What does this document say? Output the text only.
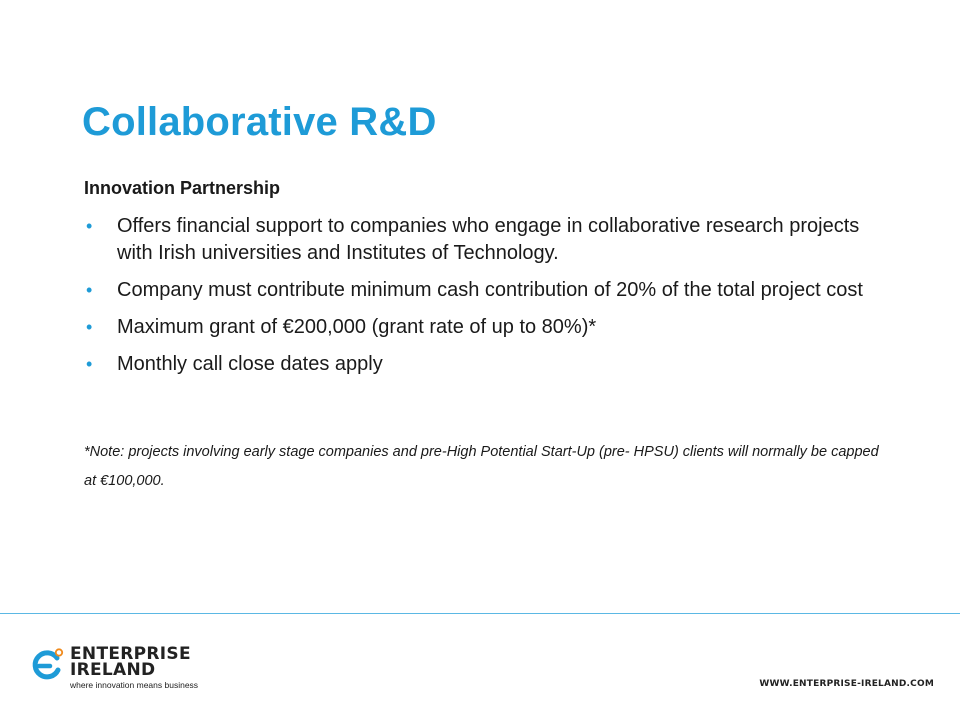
Collaborative R&D
Innovation Partnership
• Offers financial support to companies who engage in collaborative research projects with Irish universities and Institutes of Technology.
• Company must contribute minimum cash contribution of 20% of the total project cost
• Maximum grant of €200,000 (grant rate of up to 80%)*
• Monthly call close dates apply

*Note: projects involving early stage companies and pre-High Potential Start-Up (pre- HPSU) clients will normally be capped at €100,000.

ENTERPRISE

IRELAND

where innovation means business	WWW.ENTERPRISE-IRELAND.COM
